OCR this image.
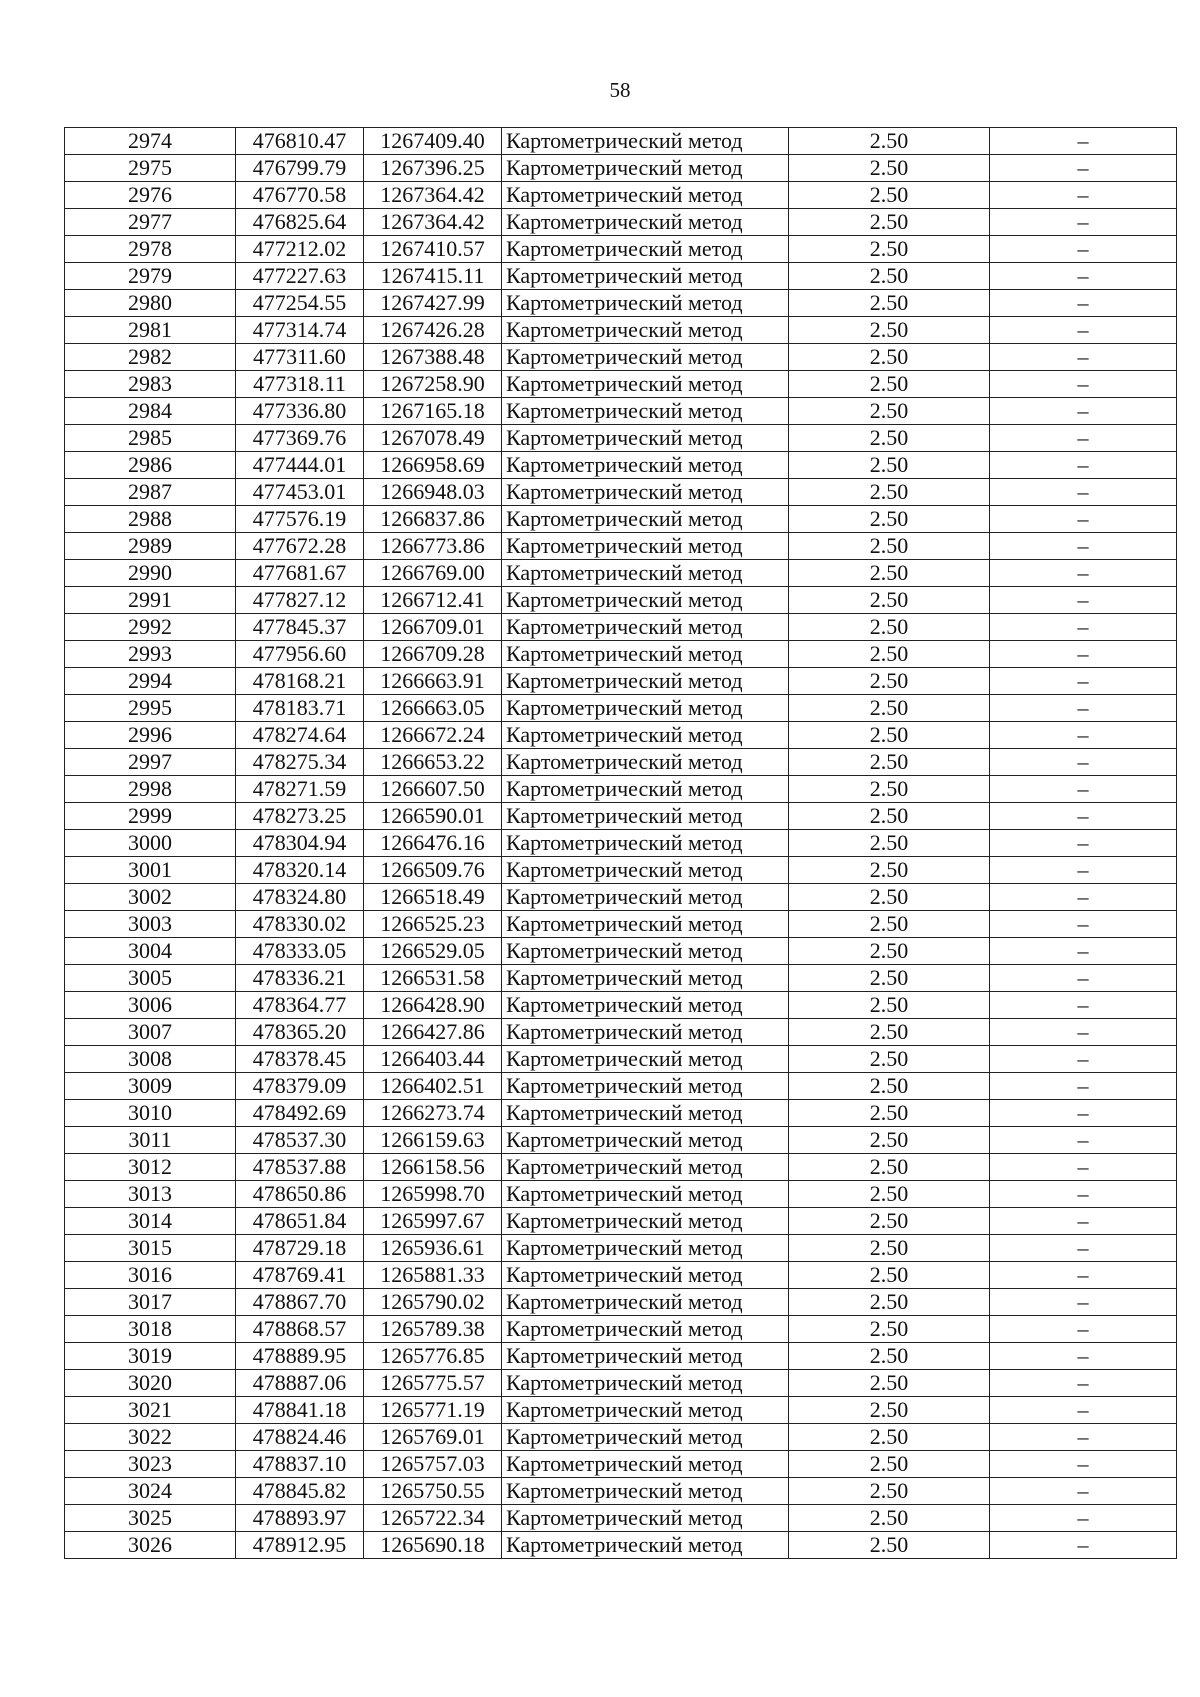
58
2974	476810.47	1267409.40	Картометрический метод	2.50	–
2975	476799.79	1267396.25	Картометрический метод	2.50	–
2976	476770.58	1267364.42	Картометрический метод	2.50	–
2977	476825.64	1267364.42	Картометрический метод	2.50	–
2978	477212.02	1267410.57	Картометрический метод	2.50	–
2979	477227.63	1267415.11	Картометрический метод	2.50	–
2980	477254.55	1267427.99	Картометрический метод	2.50	–
2981	477314.74	1267426.28	Картометрический метод	2.50	–
2982	477311.60	1267388.48	Картометрический метод	2.50	–
2983	477318.11	1267258.90	Картометрический метод	2.50	–
2984	477336.80	1267165.18	Картометрический метод	2.50	–
2985	477369.76	1267078.49	Картометрический метод	2.50	–
2986	477444.01	1266958.69	Картометрический метод	2.50	–
2987	477453.01	1266948.03	Картометрический метод	2.50	–
2988	477576.19	1266837.86	Картометрический метод	2.50	–
2989	477672.28	1266773.86	Картометрический метод	2.50	–
2990	477681.67	1266769.00	Картометрический метод	2.50	–
2991	477827.12	1266712.41	Картометрический метод	2.50	–
2992	477845.37	1266709.01	Картометрический метод	2.50	–
2993	477956.60	1266709.28	Картометрический метод	2.50	–
2994	478168.21	1266663.91	Картометрический метод	2.50	–
2995	478183.71	1266663.05	Картометрический метод	2.50	–
2996	478274.64	1266672.24	Картометрический метод	2.50	–
2997	478275.34	1266653.22	Картометрический метод	2.50	–
2998	478271.59	1266607.50	Картометрический метод	2.50	–
2999	478273.25	1266590.01	Картометрический метод	2.50	–
3000	478304.94	1266476.16	Картометрический метод	2.50	–
3001	478320.14	1266509.76	Картометрический метод	2.50	–
3002	478324.80	1266518.49	Картометрический метод	2.50	–
3003	478330.02	1266525.23	Картометрический метод	2.50	–
3004	478333.05	1266529.05	Картометрический метод	2.50	–
3005	478336.21	1266531.58	Картометрический метод	2.50	–
3006	478364.77	1266428.90	Картометрический метод	2.50	–
3007	478365.20	1266427.86	Картометрический метод	2.50	–
3008	478378.45	1266403.44	Картометрический метод	2.50	–
3009	478379.09	1266402.51	Картометрический метод	2.50	–
3010	478492.69	1266273.74	Картометрический метод	2.50	–
3011	478537.30	1266159.63	Картометрический метод	2.50	–
3012	478537.88	1266158.56	Картометрический метод	2.50	–
3013	478650.86	1265998.70	Картометрический метод	2.50	–
3014	478651.84	1265997.67	Картометрический метод	2.50	–
3015	478729.18	1265936.61	Картометрический метод	2.50	–
3016	478769.41	1265881.33	Картометрический метод	2.50	–
3017	478867.70	1265790.02	Картометрический метод	2.50	–
3018	478868.57	1265789.38	Картометрический метод	2.50	–
3019	478889.95	1265776.85	Картометрический метод	2.50	–
3020	478887.06	1265775.57	Картометрический метод	2.50	–
3021	478841.18	1265771.19	Картометрический метод	2.50	–
3022	478824.46	1265769.01	Картометрический метод	2.50	–
3023	478837.10	1265757.03	Картометрический метод	2.50	–
3024	478845.82	1265750.55	Картометрический метод	2.50	–
3025	478893.97	1265722.34	Картометрический метод	2.50	–
3026	478912.95	1265690.18	Картометрический метод	2.50	–
